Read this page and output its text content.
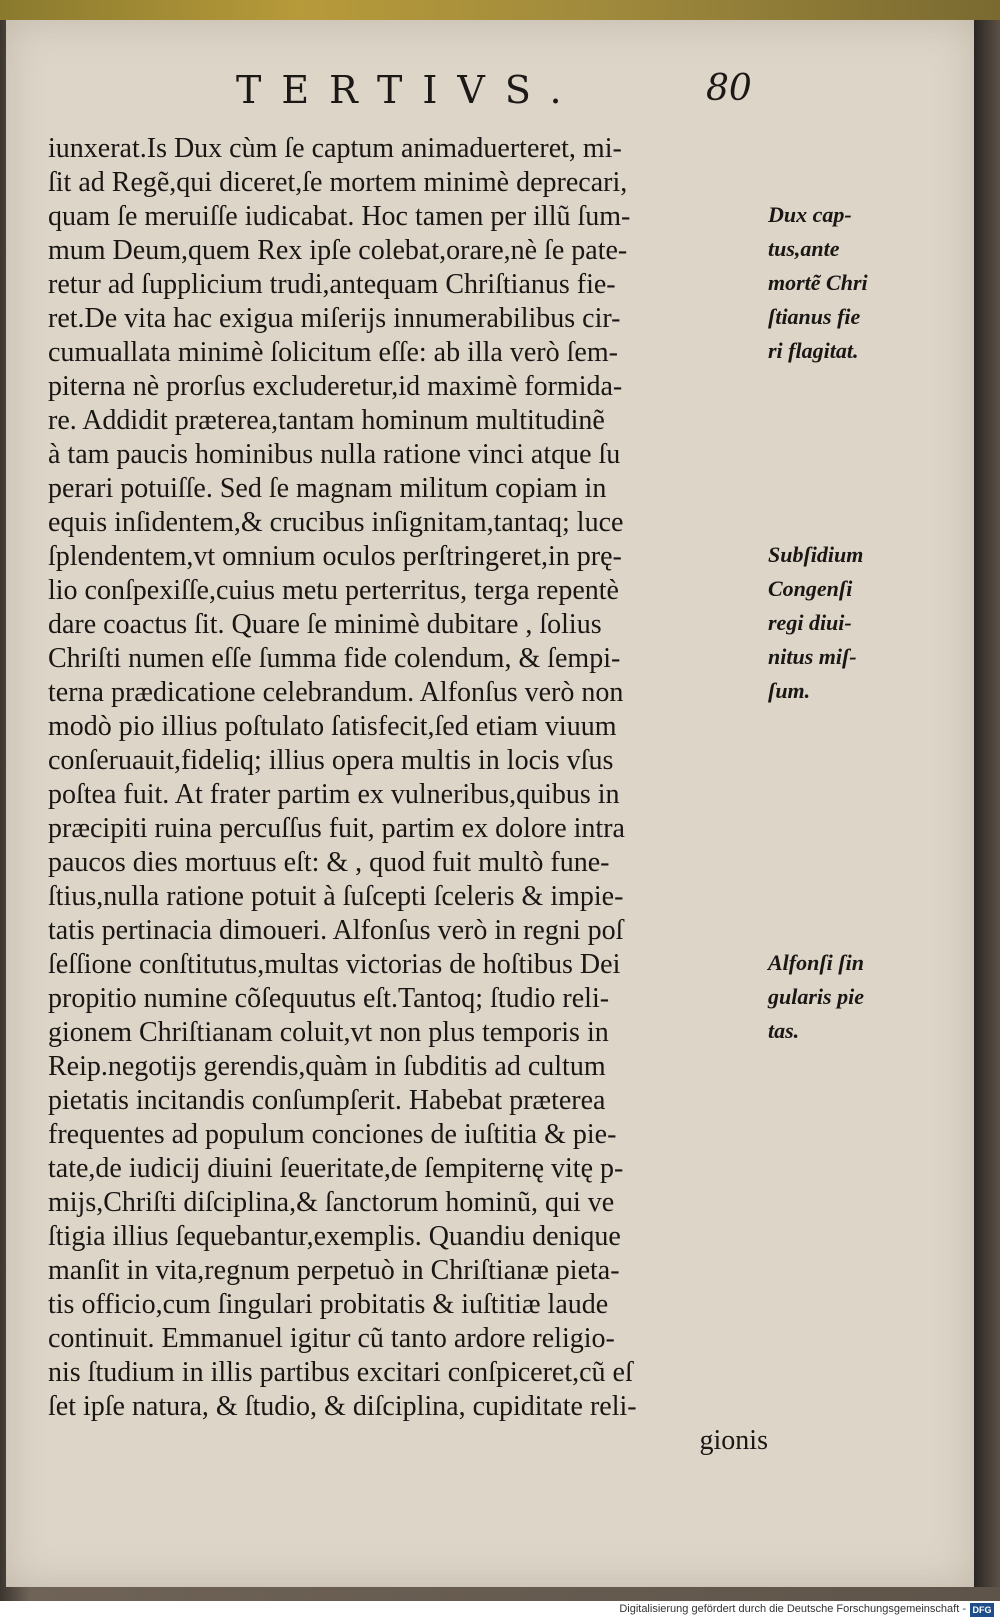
TERTIVS.	80
iunxerat.Is Dux cùm ſe captum animaduerteret, mi-
ſit ad Regẽ,qui diceret,ſe mortem minimè deprecari,
quam ſe meruiſſe iudicabat. Hoc tamen per illũ ſum-
mum Deum,quem Rex ipſe colebat,orare,nè ſe pate-
retur ad ſupplicium trudi,antequam Chriſtianus fie-
ret.De vita hac exigua miſerijs innumerabilibus cir-
cumuallata minimè ſolicitum eſſe: ab illa verò ſem-
piterna nè prorſus excluderetur,id maximè formida-
re. Addidit præterea,tantam hominum multitudinẽ
à tam paucis hominibus nulla ratione vinci atque ſu
perari potuiſſe. Sed ſe magnam militum copiam in
equis inſidentem,& crucibus inſignitam,tantaq; luce
ſplendentem,vt omnium oculos perſtringeret,in prę-
lio conſpexiſſe,cuius metu perterritus, terga repentè
dare coactus ſit. Quare ſe minimè dubitare , ſolius
Chriſti numen eſſe ſumma fide colendum, & ſempi-
terna prædicatione celebrandum. Alfonſus verò non
modò pio illius poſtulato ſatisfecit,ſed etiam viuum
conſeruauit,fideliq; illius opera multis in locis vſus
poſtea fuit. At frater partim ex vulneribus,quibus in
præcipiti ruina percuſſus fuit, partim ex dolore intra
paucos dies mortuus eſt: & , quod fuit multò fune-
ſtius,nulla ratione potuit à ſuſcepti ſceleris & impie-
tatis pertinacia dimoueri. Alfonſus verò in regni poſ
ſeſſione conſtitutus,multas victorias de hoſtibus Dei
propitio numine cõſequutus eſt.Tantoq; ſtudio reli-
gionem Chriſtianam coluit,vt non plus temporis in
Reip.negotijs gerendis,quàm in ſubditis ad cultum
pietatis incitandis conſumpſerit. Habebat præterea
frequentes ad populum conciones de iuſtitia & pie-
tate,de iudicij diuini ſeueritate,de ſempiternę vitę p-
mijs,Chriſti diſciplina,& ſanctorum hominũ, qui ve
ſtigia illius ſequebantur,exemplis. Quandiu denique
manſit in vita,regnum perpetuò in Chriſtianæ pieta-
tis officio,cum ſingulari probitatis & iuſtitiæ laude
continuit. Emmanuel igitur cũ tanto ardore religio-
nis ſtudium in illis partibus excitari conſpiceret,cũ eſ
ſet ipſe natura, & ſtudio, & diſciplina, cupiditate reli-
gionis
Dux cap-
tus,ante
mortẽ Chri
ſtianus fie
ri flagitat.
Subſidium
Congenſi
regi diui-
nitus miſ-
ſum.
Alfonſi ſin
gularis pie
tas.
Digitalisierung gefördert durch die Deutsche Forschungsgemeinschaft - DFG
